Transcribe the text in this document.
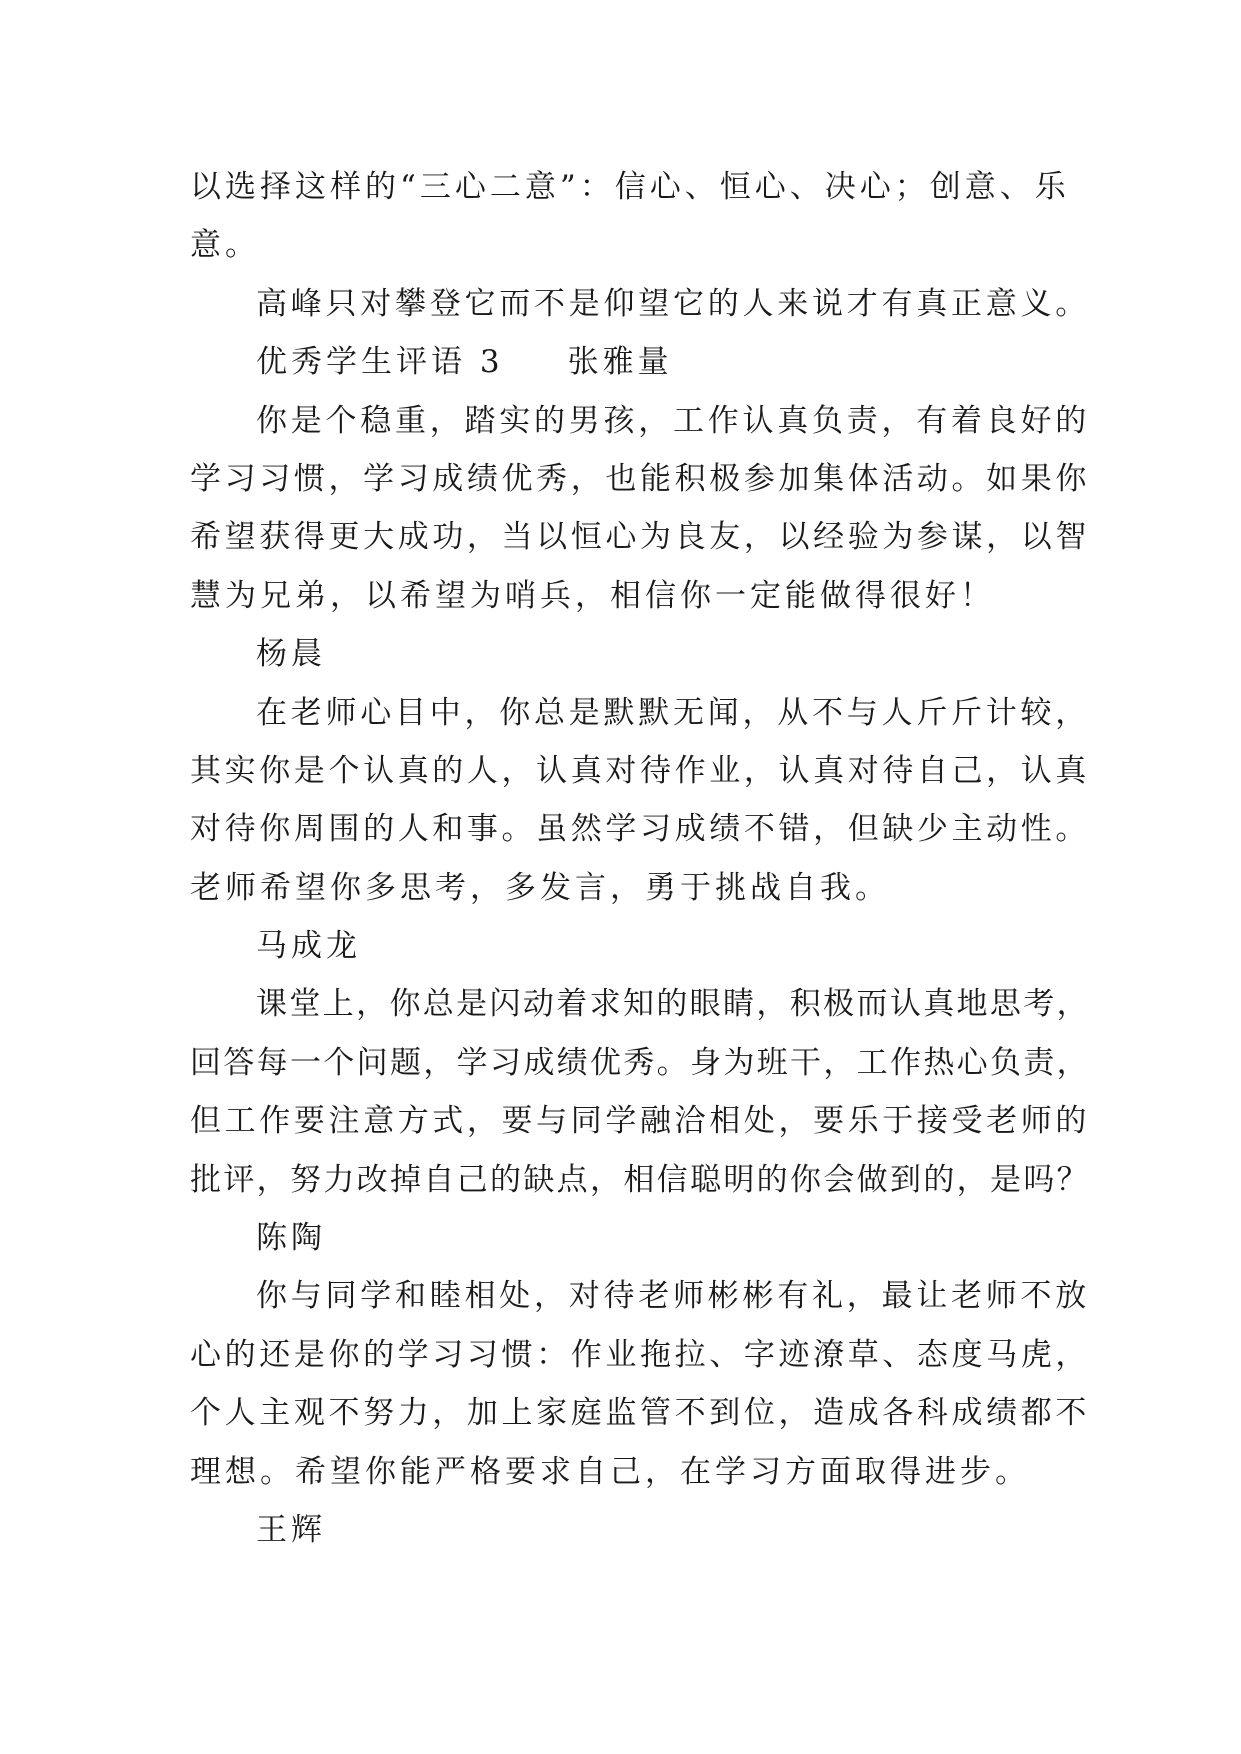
以选择这样的“三心二意”：信心、恒心、决心；创意、乐
意。
高峰只对攀登它而不是仰望它的人来说才有真正意义。
优秀学生评语 3 张雅量
你是个稳重，踏实的男孩，工作认真负责，有着良好的
学习习惯，学习成绩优秀，也能积极参加集体活动。如果你
希望获得更大成功，当以恒心为良友，以经验为参谋，以智
慧为兄弟，以希望为哨兵，相信你一定能做得很好！
杨晨
在老师心目中，你总是默默无闻，从不与人斤斤计较，
其实你是个认真的人，认真对待作业，认真对待自己，认真
对待你周围的人和事。虽然学习成绩不错，但缺少主动性。
老师希望你多思考，多发言，勇于挑战自我。
马成龙
课堂上，你总是闪动着求知的眼睛，积极而认真地思考，
回答每一个问题，学习成绩优秀。身为班干，工作热心负责，
但工作要注意方式，要与同学融洽相处，要乐于接受老师的
批评，努力改掉自己的缺点，相信聪明的你会做到的，是吗？
陈陶
你与同学和睦相处，对待老师彬彬有礼，最让老师不放
心的还是你的学习习惯：作业拖拉、字迹潦草、态度马虎，
个人主观不努力，加上家庭监管不到位，造成各科成绩都不
理想。希望你能严格要求自己，在学习方面取得进步。
王辉
